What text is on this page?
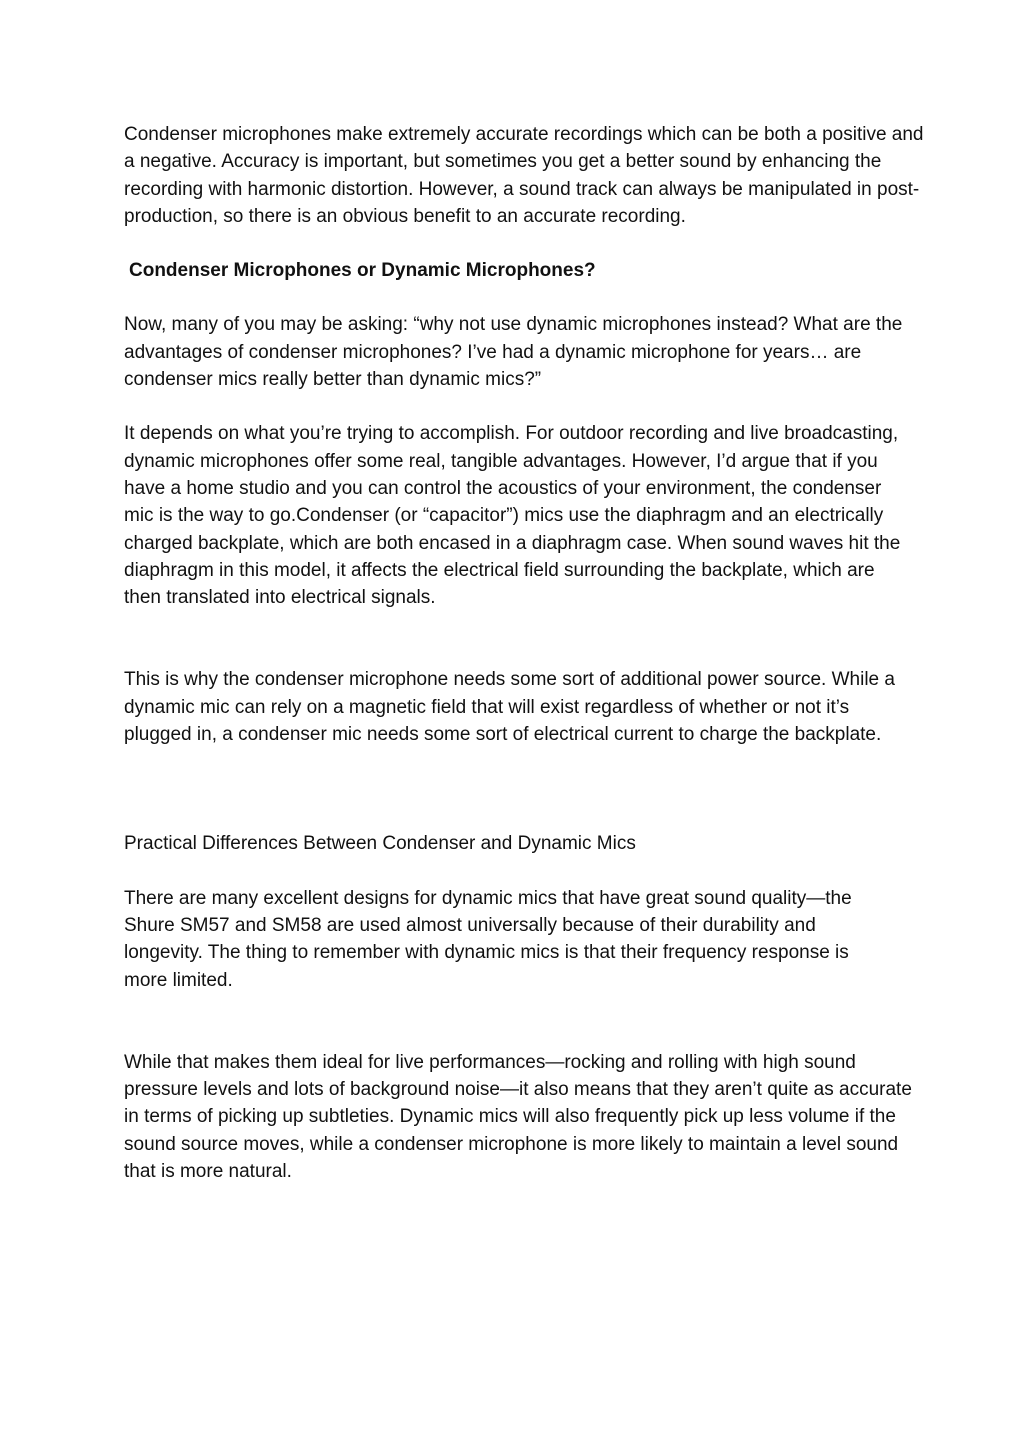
Condenser microphones make extremely accurate recordings which can be both a positive and a negative. Accuracy is important, but sometimes you get a better sound by enhancing the recording with harmonic distortion. However, a sound track can always be manipulated in post-production, so there is an obvious benefit to an accurate recording.

Condenser Microphones or Dynamic Microphones?

Now, many of you may be asking: “why not use dynamic microphones instead? What are the advantages of condenser microphones? I’ve had a dynamic microphone for years… are condenser mics really better than dynamic mics?”

It depends on what you’re trying to accomplish. For outdoor recording and live broadcasting, dynamic microphones offer some real, tangible advantages. However, I’d argue that if you have a home studio and you can control the acoustics of your environment, the condenser mic is the way to go.Condenser (or “capacitor”) mics use the diaphragm and an electrically charged backplate, which are both encased in a diaphragm case. When sound waves hit the diaphragm in this model, it affects the electrical field surrounding the backplate, which are then translated into electrical signals.

This is why the condenser microphone needs some sort of additional power source. While a dynamic mic can rely on a magnetic field that will exist regardless of whether or not it’s plugged in, a condenser mic needs some sort of electrical current to charge the backplate.

Practical Differences Between Condenser and Dynamic Mics

There are many excellent designs for dynamic mics that have great sound quality—the Shure SM57 and SM58 are used almost universally because of their durability and longevity. The thing to remember with dynamic mics is that their frequency response is more limited.

While that makes them ideal for live performances—rocking and rolling with high sound pressure levels and lots of background noise—it also means that they aren’t quite as accurate in terms of picking up subtleties. Dynamic mics will also frequently pick up less volume if the sound source moves, while a condenser microphone is more likely to maintain a level sound that is more natural.
